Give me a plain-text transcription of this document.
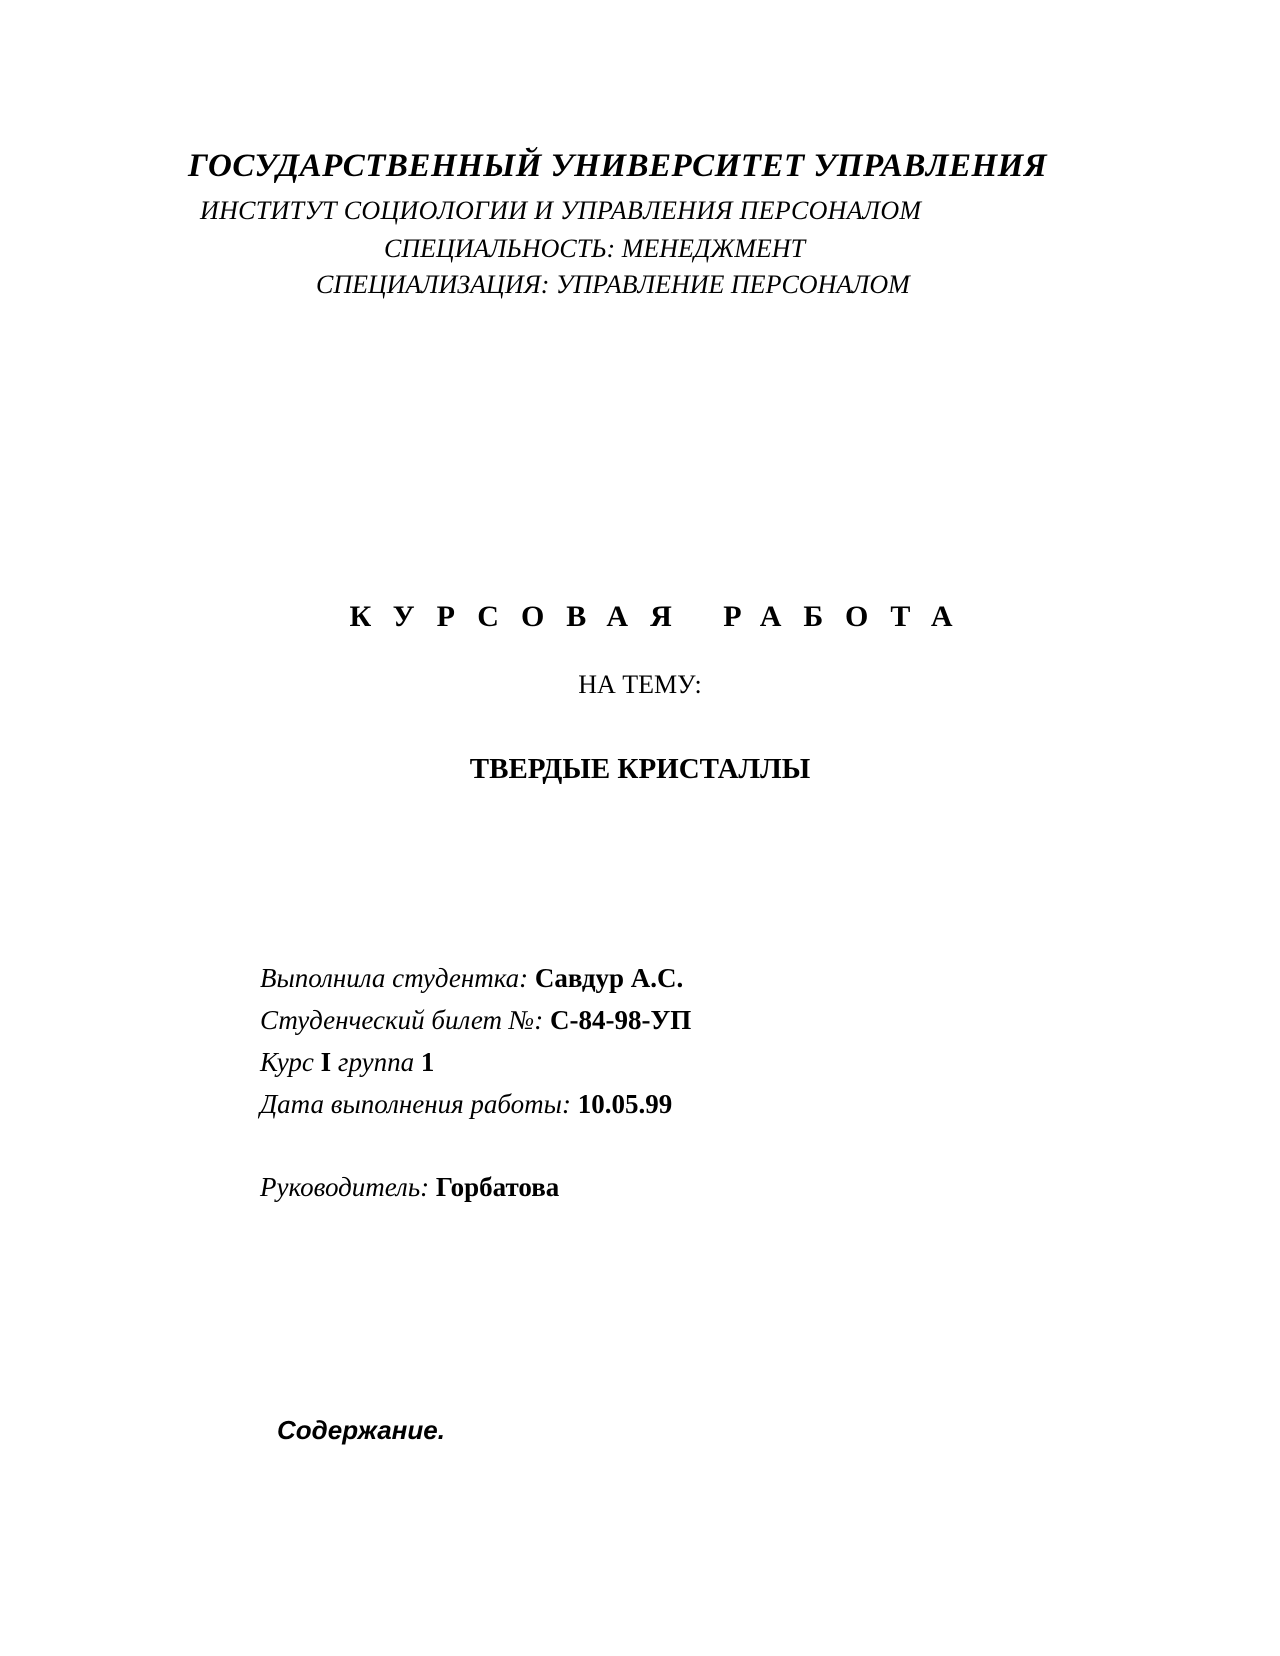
ГОСУДАРСТВЕННЫЙ УНИВЕРСИТЕТ УПРАВЛЕНИЯ
ИНСТИТУТ СОЦИОЛОГИИ И УПРАВЛЕНИЯ ПЕРСОНАЛОМ
СПЕЦИАЛЬНОСТЬ: МЕНЕДЖМЕНТ
СПЕЦИАЛИЗАЦИЯ: УПРАВЛЕНИЕ ПЕРСОНАЛОМ
КУРСОВАЯ РАБОТА
НА ТЕМУ:
ТВЕРДЫЕ КРИСТАЛЛЫ
Выполнила студентка: Савдур А.С.
Студенческий билет №: С-84-98-УП
Курс I группа 1
Дата выполнения работы: 10.05.99
Руководитель: Горбатова
Содержание.
